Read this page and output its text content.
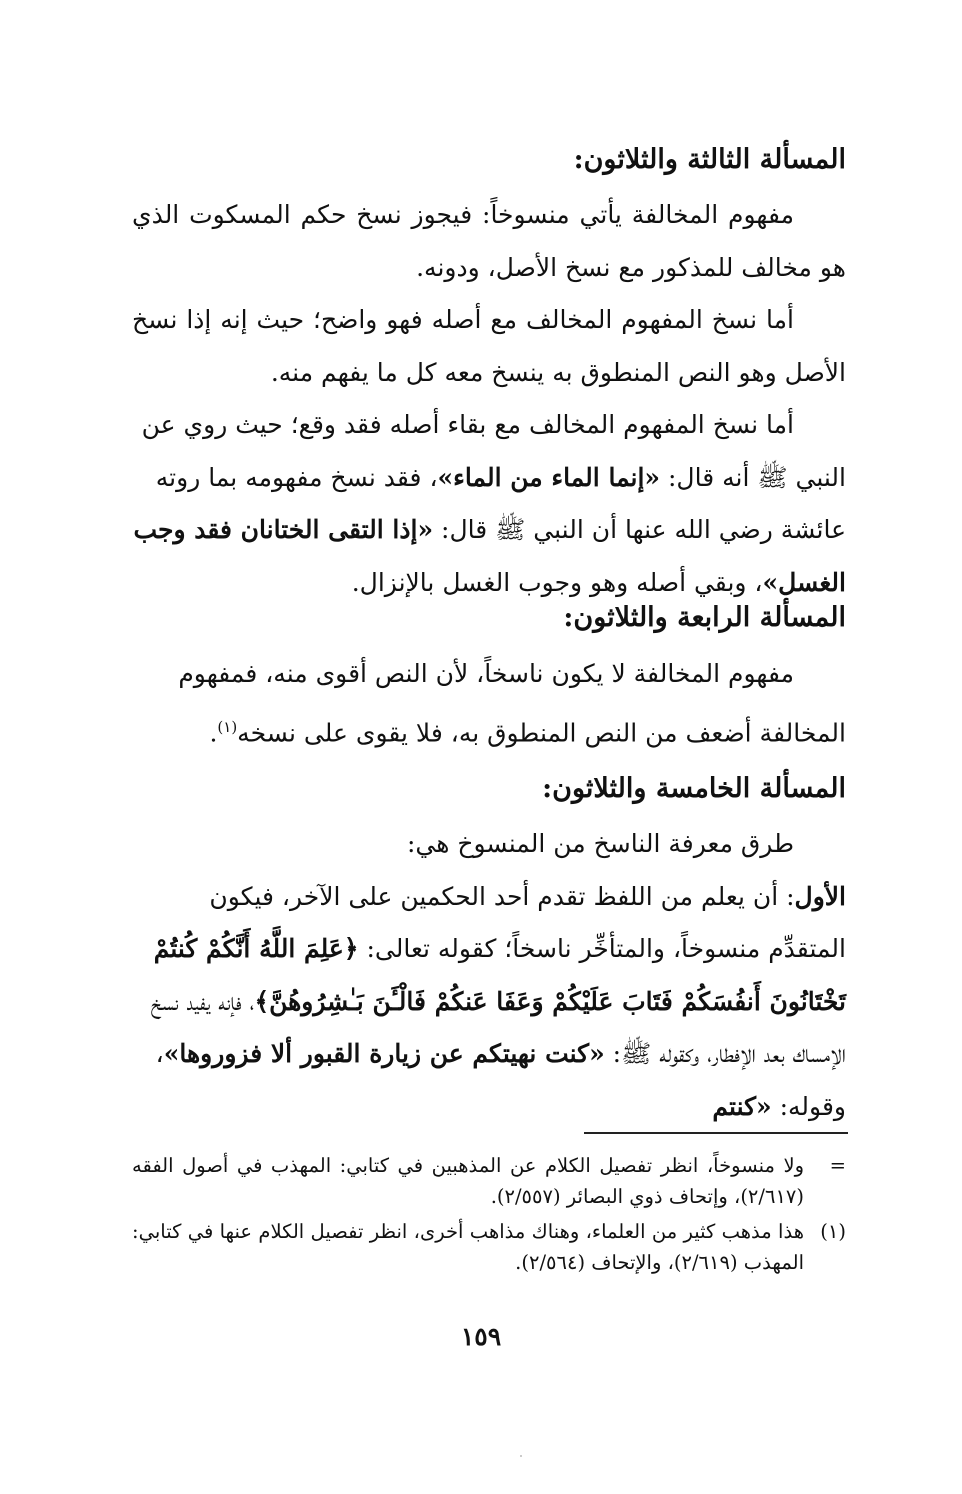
المسألة الثالثة والثلاثون:

مفهوم المخالفة يأتي منسوخاً: فيجوز نسخ حكم المسكوت الذي هو مخالف للمذكور مع نسخ الأصل، ودونه.

أما نسخ المفهوم المخالف مع أصله فهو واضح؛ حيث إنه إذا نسخ الأصل وهو النص المنطوق به ينسخ معه كل ما يفهم منه.

أما نسخ المفهوم المخالف مع بقاء أصله فقد وقع؛ حيث روي عن النبي ﷺ أنه قال: «إنما الماء من الماء»، فقد نسخ مفهومه بما روته عائشة رضي الله عنها أن النبي ﷺ قال: «إذا التقى الختانان فقد وجب الغسل»، وبقي أصله وهو وجوب الغسل بالإنزال.

المسألة الرابعة والثلاثون:

مفهوم المخالفة لا يكون ناسخاً، لأن النص أقوى منه، فمفهوم المخالفة أضعف من النص المنطوق به، فلا يقوى على نسخه$^{(١)}$.

المسألة الخامسة والثلاثون:

طرق معرفة الناسخ من المنسوخ هي:

الأول: أن يعلم من اللفظ تقدم أحد الحكمين على الآخر، فيكون المتقدِّم منسوخاً، والمتأخِّر ناسخاً؛ كقوله تعالى: ﴿عَلِمَ اللَّهُ أَنَّكُمْ كُنتُمْ تَخْتَانُونَ أَنفُسَكُمْ فَتَابَ عَلَيْكُمْ وَعَفَا عَنكُمْ فَالْـَٔنَ بَـٰشِرُوهُنَّ﴾، فإنه يفيد نسخ الإمساك بعد الإفطار، وكقوله ﷺ: «كنت نهيتكم عن زيارة القبور ألا فزوروها»، وقوله: «كنتم

=
ولا منسوخاً، انظر تفصيل الكلام عن المذهبين في كتابي: المهذب في أصول الفقه (٢/٦١٧)، وإتحاف ذوي البصائر (٢/٥٥٧).

(١)
هذا مذهب كثير من العلماء، وهناك مذاهب أخرى، انظر تفصيل الكلام عنها في كتابي: المهذب (٢/٦١٩)، والإتحاف (٢/٥٦٤).

١٥٩
